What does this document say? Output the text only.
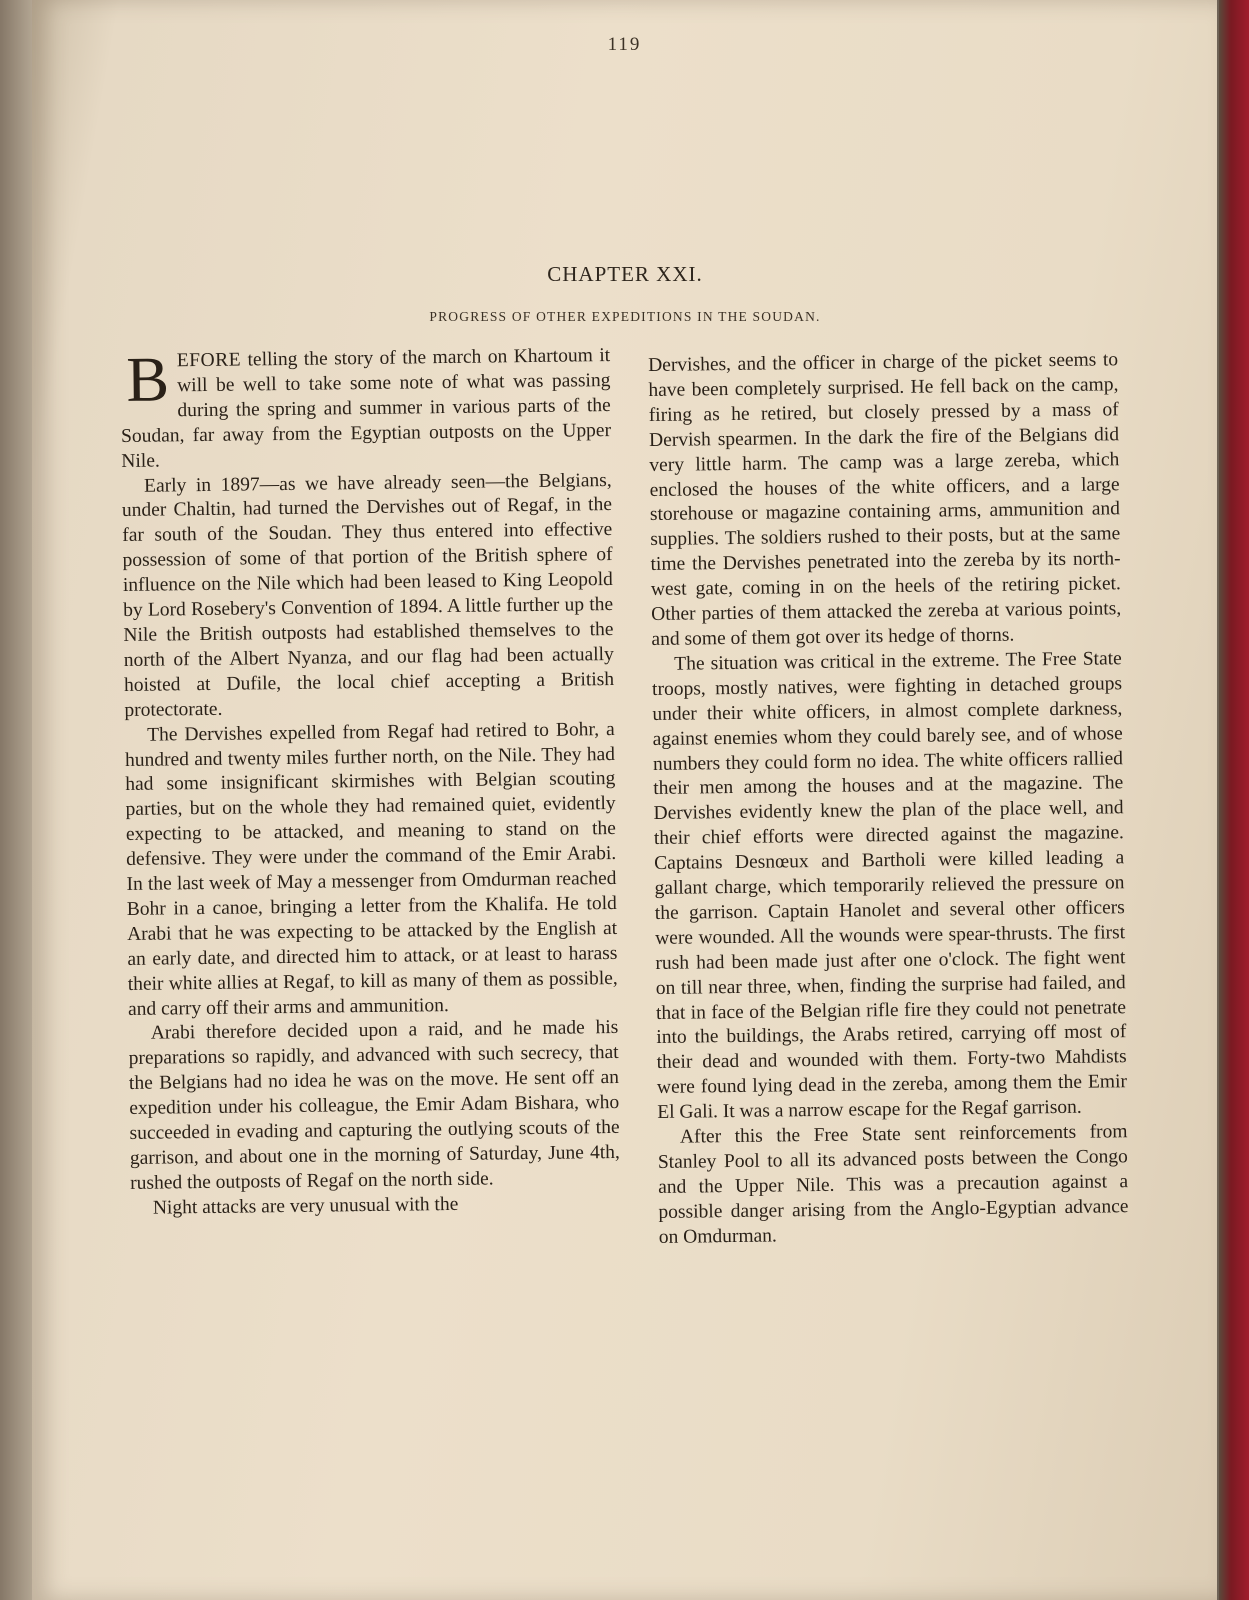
119
CHAPTER XXI.
PROGRESS OF OTHER EXPEDITIONS IN THE SOUDAN.

BEFORE telling the story of the march on Khartoum it will be well to take some note of what was passing during the spring and summer in various parts of the Soudan, far away from the Egyptian outposts on the Upper Nile.

Early in 1897—as we have already seen—the Belgians, under Chaltin, had turned the Dervishes out of Regaf, in the far south of the Soudan. They thus entered into effective possession of some of that portion of the British sphere of influence on the Nile which had been leased to King Leopold by Lord Rosebery's Convention of 1894. A little further up the Nile the British outposts had established themselves to the north of the Albert Nyanza, and our flag had been actually hoisted at Dufile, the local chief accepting a British protectorate.

The Dervishes expelled from Regaf had retired to Bohr, a hundred and twenty miles further north, on the Nile. They had had some insignificant skirmishes with Belgian scouting parties, but on the whole they had remained quiet, evidently expecting to be attacked, and meaning to stand on the defensive. They were under the command of the Emir Arabi. In the last week of May a messenger from Omdurman reached Bohr in a canoe, bringing a letter from the Khalifa. He told Arabi that he was expecting to be attacked by the English at an early date, and directed him to attack, or at least to harass their white allies at Regaf, to kill as many of them as possible, and carry off their arms and ammunition.

Arabi therefore decided upon a raid, and he made his preparations so rapidly, and advanced with such secrecy, that the Belgians had no idea he was on the move. He sent off an expedition under his colleague, the Emir Adam Bishara, who succeeded in evading and capturing the outlying scouts of the garrison, and about one in the morning of Saturday, June 4th, rushed the outposts of Regaf on the north side.

Night attacks are very unusual with the

Dervishes, and the officer in charge of the picket seems to have been completely surprised. He fell back on the camp, firing as he retired, but closely pressed by a mass of Dervish spearmen. In the dark the fire of the Belgians did very little harm. The camp was a large zereba, which enclosed the houses of the white officers, and a large storehouse or magazine containing arms, ammunition and supplies. The soldiers rushed to their posts, but at the same time the Dervishes penetrated into the zereba by its north-west gate, coming in on the heels of the retiring picket. Other parties of them attacked the zereba at various points, and some of them got over its hedge of thorns.

The situation was critical in the extreme. The Free State troops, mostly natives, were fighting in detached groups under their white officers, in almost complete darkness, against enemies whom they could barely see, and of whose numbers they could form no idea. The white officers rallied their men among the houses and at the magazine. The Dervishes evidently knew the plan of the place well, and their chief efforts were directed against the magazine. Captains Desnœux and Bartholi were killed leading a gallant charge, which temporarily relieved the pressure on the garrison. Captain Hanolet and several other officers were wounded. All the wounds were spear-thrusts. The first rush had been made just after one o'clock. The fight went on till near three, when, finding the surprise had failed, and that in face of the Belgian rifle fire they could not penetrate into the buildings, the Arabs retired, carrying off most of their dead and wounded with them. Forty-two Mahdists were found lying dead in the zereba, among them the Emir El Gali. It was a narrow escape for the Regaf garrison.

After this the Free State sent reinforcements from Stanley Pool to all its advanced posts between the Congo and the Upper Nile. This was a precaution against a possible danger arising from the Anglo-Egyptian advance on Omdurman.
